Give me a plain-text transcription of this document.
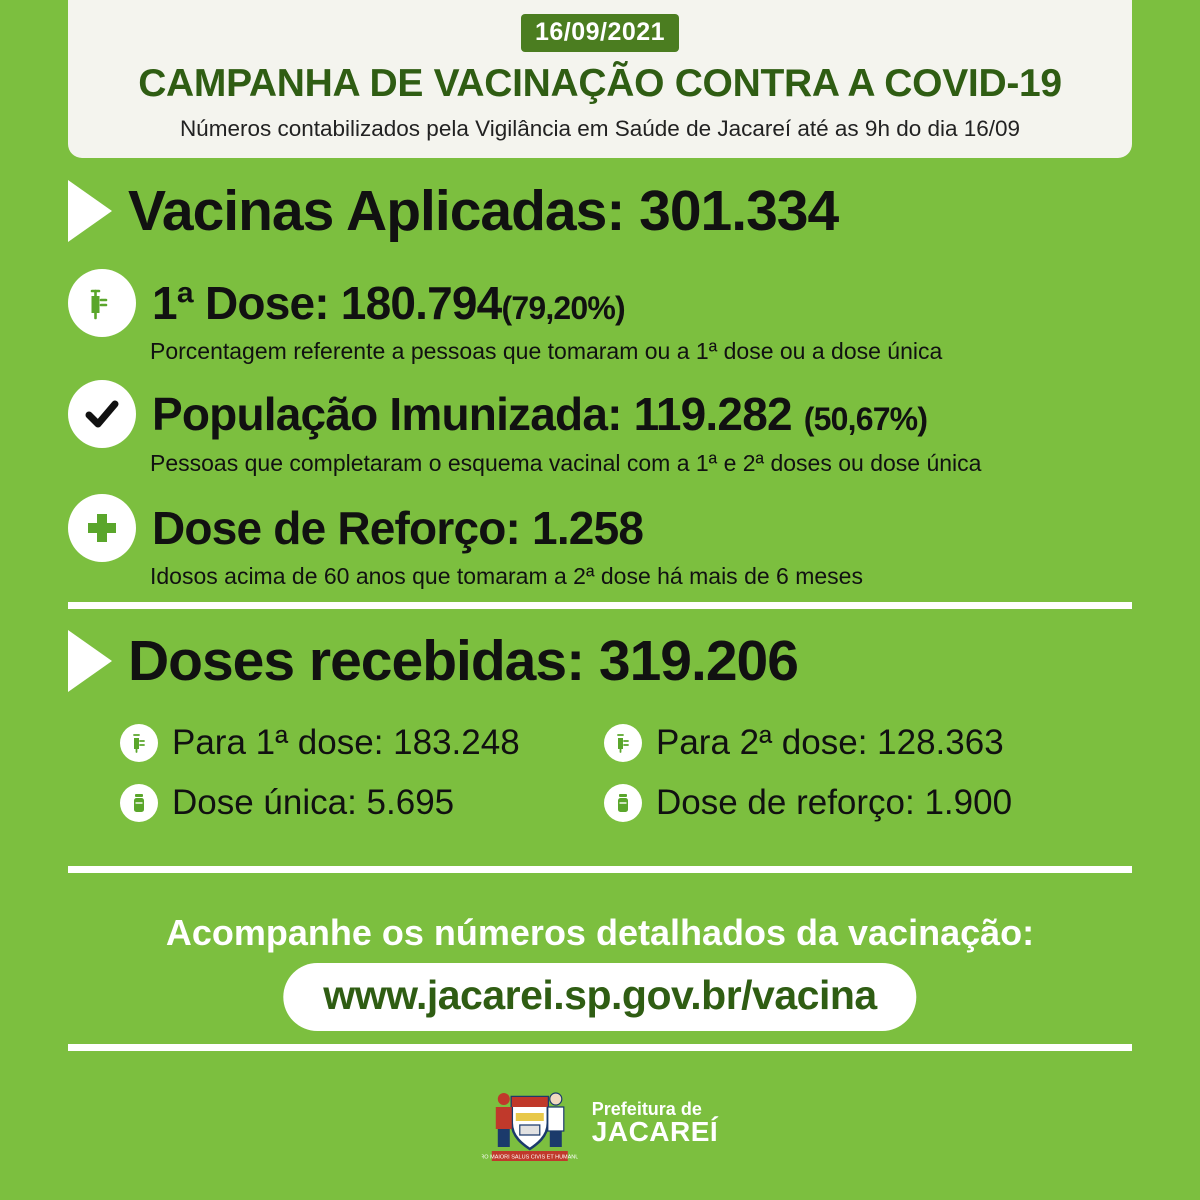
16/09/2021
CAMPANHA DE VACINAÇÃO CONTRA A COVID-19
Números contabilizados pela Vigilância em Saúde de Jacareí até as 9h do dia 16/09
Vacinas Aplicadas: 301.334
1ª Dose: 180.794(79,20%)
Porcentagem referente a pessoas que tomaram ou a 1ª dose ou a dose única
População Imunizada: 119.282 (50,67%)
Pessoas que completaram o esquema vacinal com a 1ª e 2ª doses ou dose única
Dose de Reforço: 1.258
Idosos acima de 60 anos que tomaram a 2ª dose há mais de 6 meses
Doses recebidas: 319.206
Para 1ª dose: 183.248	Para 2ª dose: 128.363
Dose única: 5.695	Dose de reforço: 1.900
Acompanhe os números detalhados da vacinação:
www.jacarei.sp.gov.br/vacina
PRO MAIORI SALUS CIVIS ET HUMANUS
Prefeitura de
JACAREÍ
